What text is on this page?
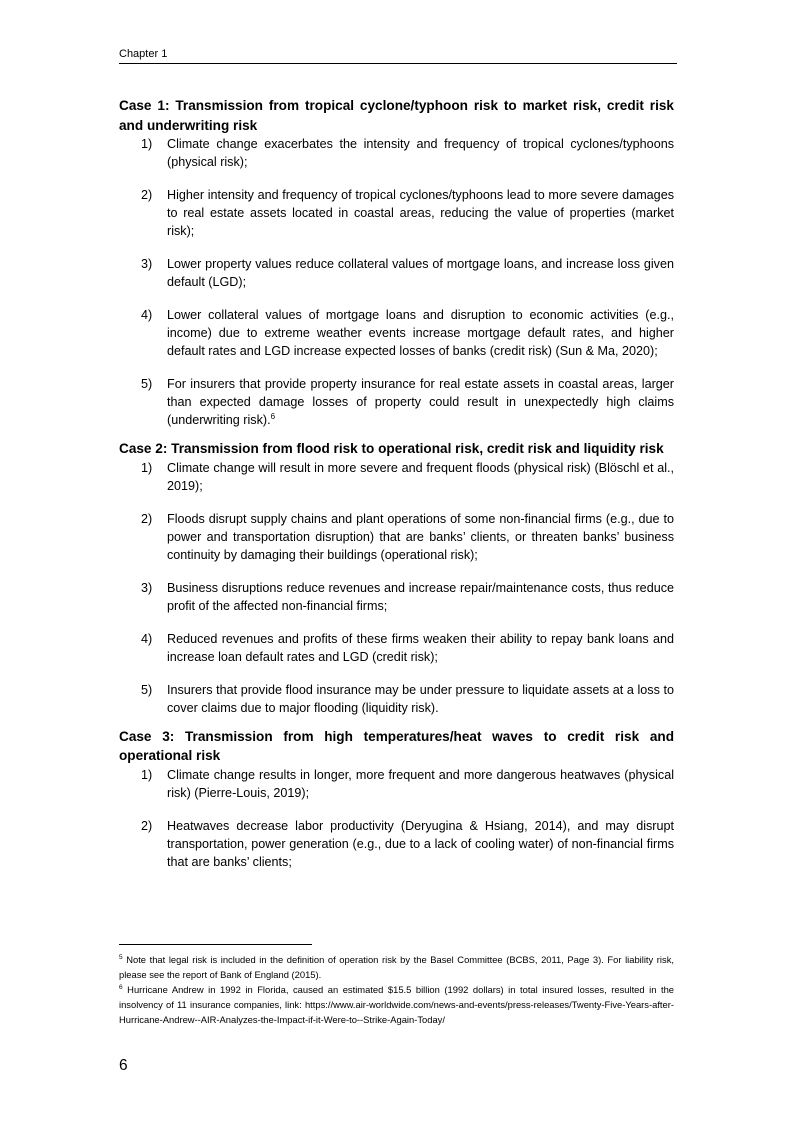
Chapter 1
Case 1: Transmission from tropical cyclone/typhoon risk to market risk, credit risk and underwriting risk
1) Climate change exacerbates the intensity and frequency of tropical cyclones/typhoons (physical risk);
2) Higher intensity and frequency of tropical cyclones/typhoons lead to more severe damages to real estate assets located in coastal areas, reducing the value of properties (market risk);
3) Lower property values reduce collateral values of mortgage loans, and increase loss given default (LGD);
4) Lower collateral values of mortgage loans and disruption to economic activities (e.g., income) due to extreme weather events increase mortgage default rates, and higher default rates and LGD increase expected losses of banks (credit risk) (Sun & Ma, 2020);
5) For insurers that provide property insurance for real estate assets in coastal areas, larger than expected damage losses of property could result in unexpectedly high claims (underwriting risk).$^6$
Case 2: Transmission from flood risk to operational risk, credit risk and liquidity risk
1) Climate change will result in more severe and frequent floods (physical risk) (Blöschl et al., 2019);
2) Floods disrupt supply chains and plant operations of some non-financial firms (e.g., due to power and transportation disruption) that are banks’ clients, or threaten banks’ business continuity by damaging their buildings (operational risk);
3) Business disruptions reduce revenues and increase repair/maintenance costs, thus reduce profit of the affected non-financial firms;
4) Reduced revenues and profits of these firms weaken their ability to repay bank loans and increase loan default rates and LGD (credit risk);
5) Insurers that provide flood insurance may be under pressure to liquidate assets at a loss to cover claims due to major flooding (liquidity risk).
Case 3: Transmission from high temperatures/heat waves to credit risk and operational risk
1) Climate change results in longer, more frequent and more dangerous heatwaves (physical risk) (Pierre-Louis, 2019);
2) Heatwaves decrease labor productivity (Deryugina & Hsiang, 2014), and may disrupt transportation, power generation (e.g., due to a lack of cooling water) of non-financial firms that are banks’ clients;
$^5$ Note that legal risk is included in the definition of operation risk by the Basel Committee (BCBS, 2011, Page 3). For liability risk, please see the report of Bank of England (2015).
$^6$ Hurricane Andrew in 1992 in Florida, caused an estimated $15.5 billion (1992 dollars) in total insured losses, resulted in the insolvency of 11 insurance companies, link: https://www.air-worldwide.com/news-and-events/press-releases/Twenty-Five-Years-after-Hurricane-Andrew--AIR-Analyzes-the-Impact-if-it-Were-to--Strike-Again-Today/
6
